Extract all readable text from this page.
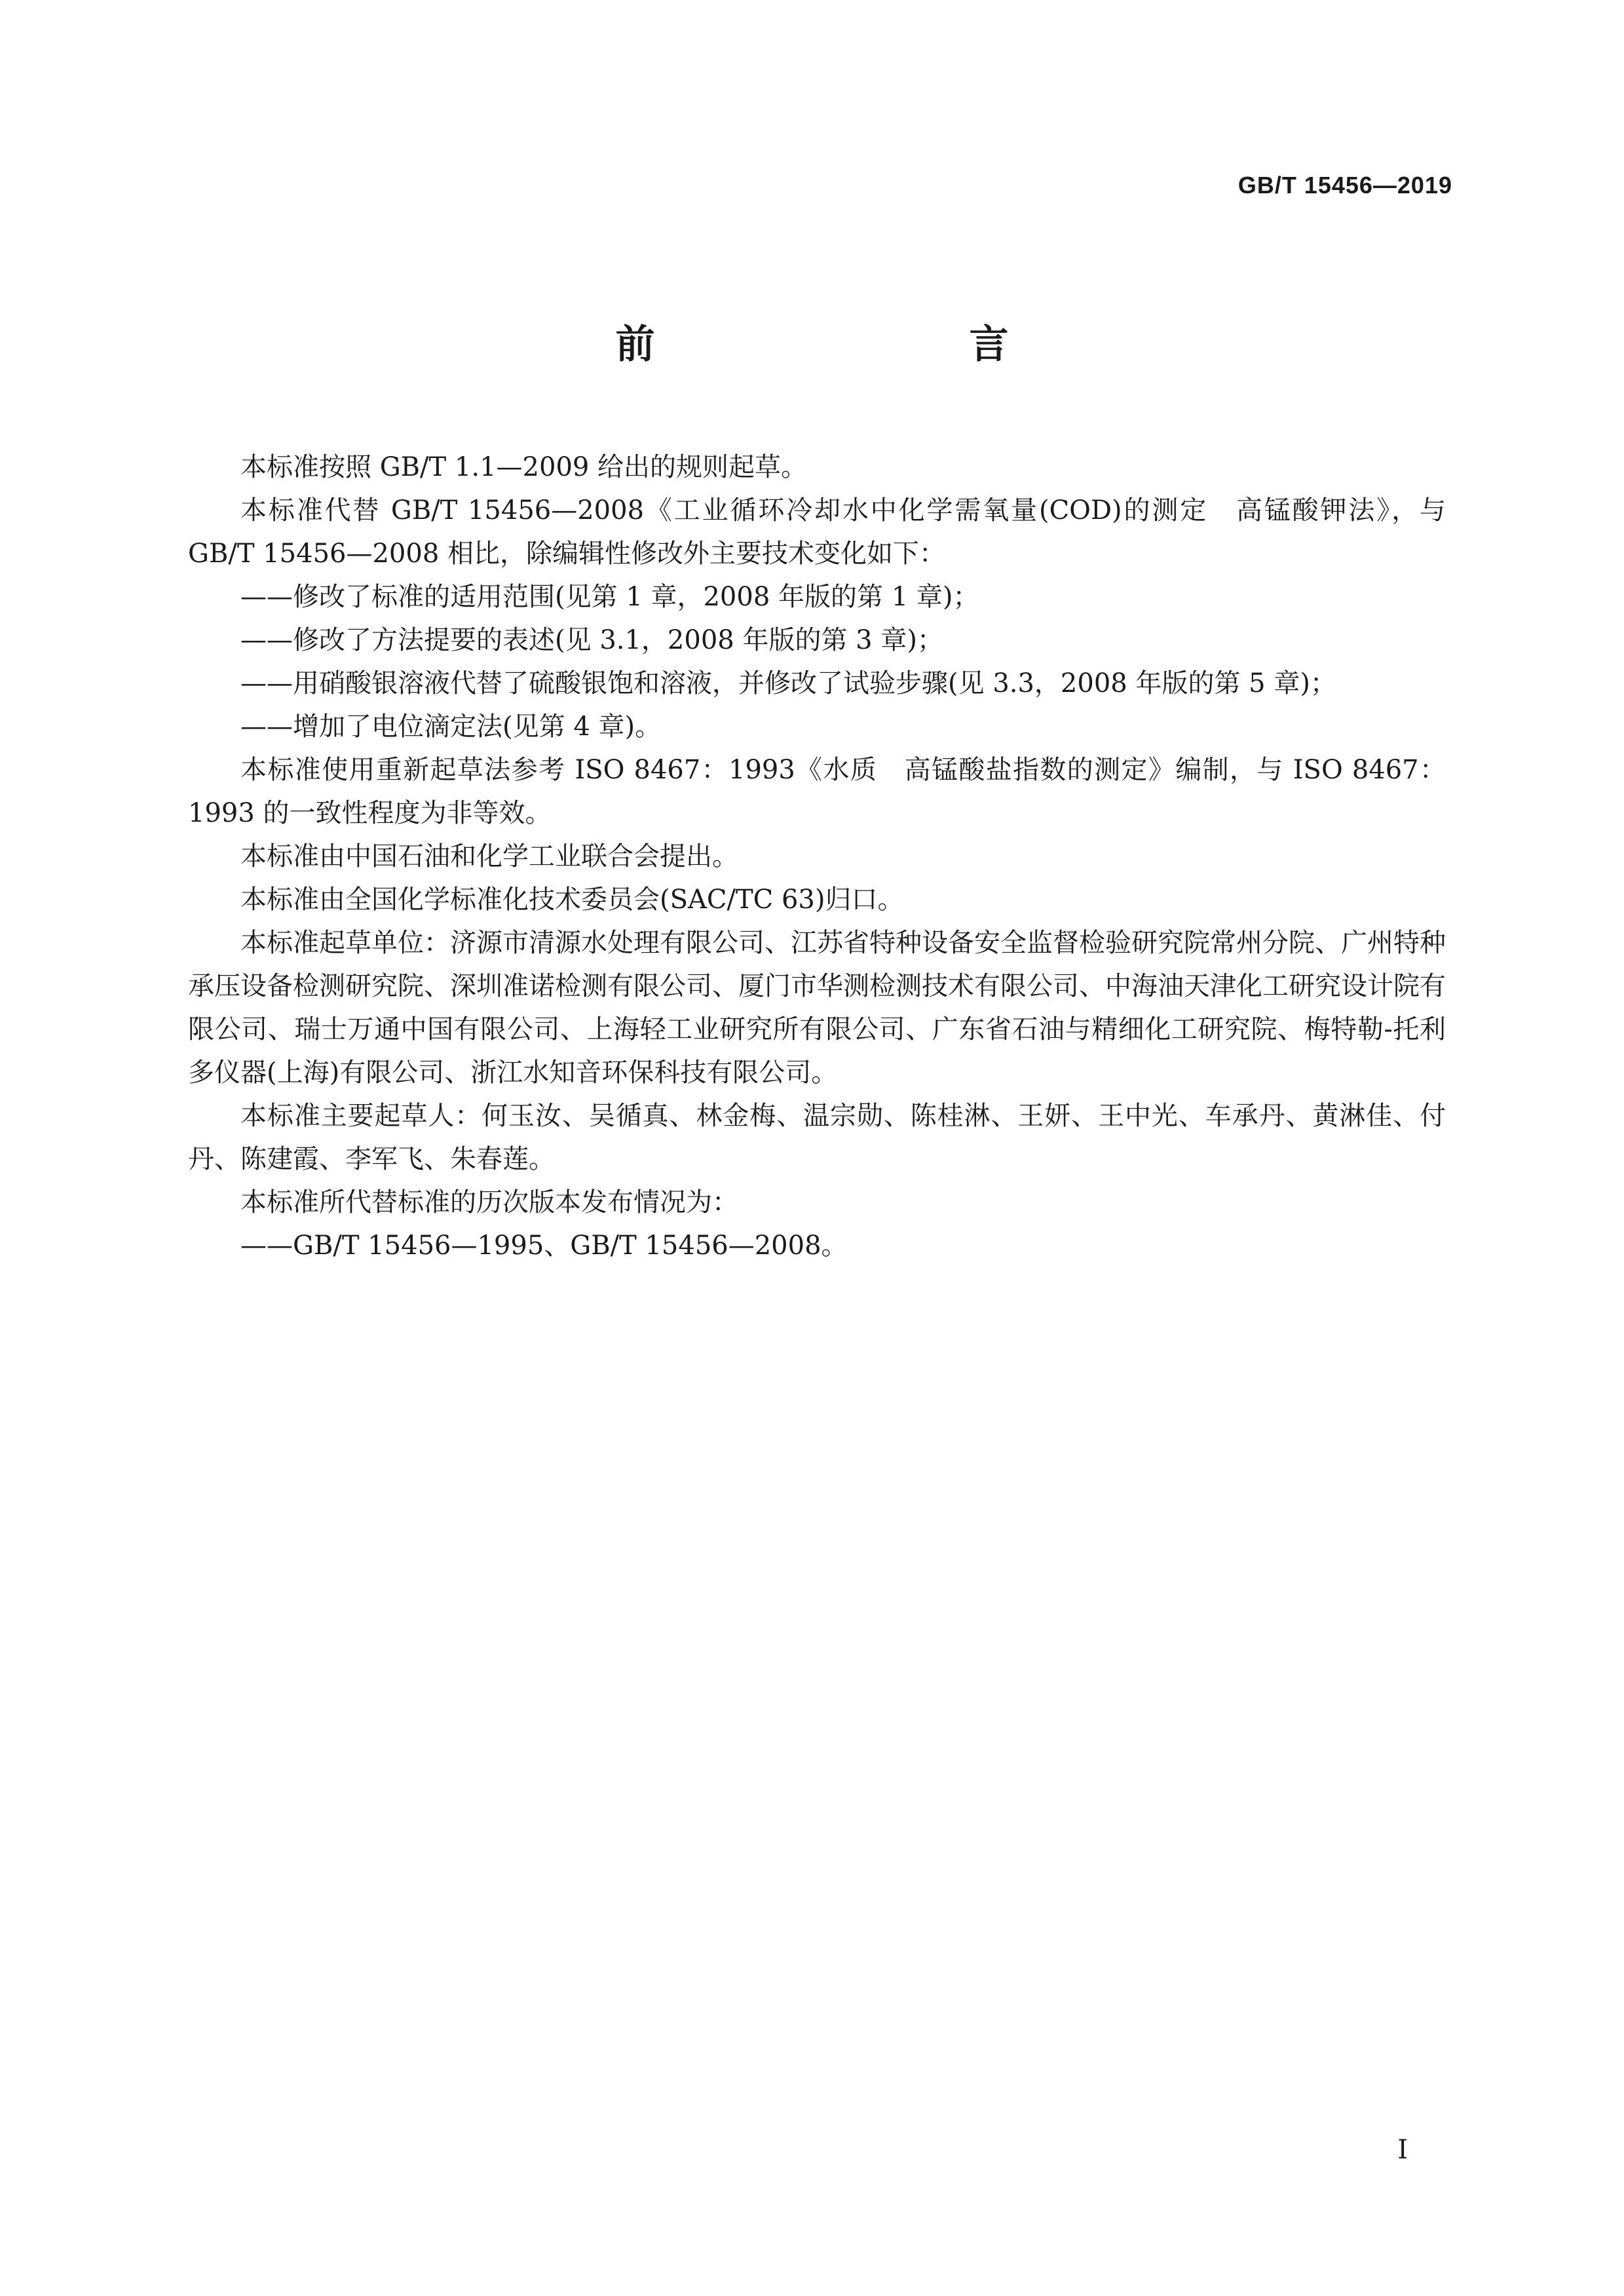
GB/T 15456—2019
前　　言

本标准按照 GB/T 1.1—2009 给出的规则起草。

本标准代替 GB/T 15456—2008《工业循环冷却水中化学需氧量(COD)的测定　高锰酸钾法》，与 GB/T 15456—2008 相比，除编辑性修改外主要技术变化如下：

——修改了标准的适用范围(见第 1 章，2008 年版的第 1 章)；

——修改了方法提要的表述(见 3.1，2008 年版的第 3 章)；

——用硝酸银溶液代替了硫酸银饱和溶液，并修改了试验步骤(见 3.3，2008 年版的第 5 章)；

——增加了电位滴定法(见第 4 章)。

本标准使用重新起草法参考 ISO 8467：1993《水质　高锰酸盐指数的测定》编制，与 ISO 8467：1993 的一致性程度为非等效。

本标准由中国石油和化学工业联合会提出。

本标准由全国化学标准化技术委员会(SAC/TC 63)归口。

本标准起草单位：济源市清源水处理有限公司、江苏省特种设备安全监督检验研究院常州分院、广州特种承压设备检测研究院、深圳准诺检测有限公司、厦门市华测检测技术有限公司、中海油天津化工研究设计院有限公司、瑞士万通中国有限公司、上海轻工业研究所有限公司、广东省石油与精细化工研究院、梅特勒-托利多仪器(上海)有限公司、浙江水知音环保科技有限公司。

本标准主要起草人：何玉汝、吴循真、林金梅、温宗勋、陈桂淋、王妍、王中光、车承丹、黄淋佳、付丹、陈建霞、李军飞、朱春莲。

本标准所代替标准的历次版本发布情况为：

——GB/T 15456—1995、GB/T 15456—2008。

I
